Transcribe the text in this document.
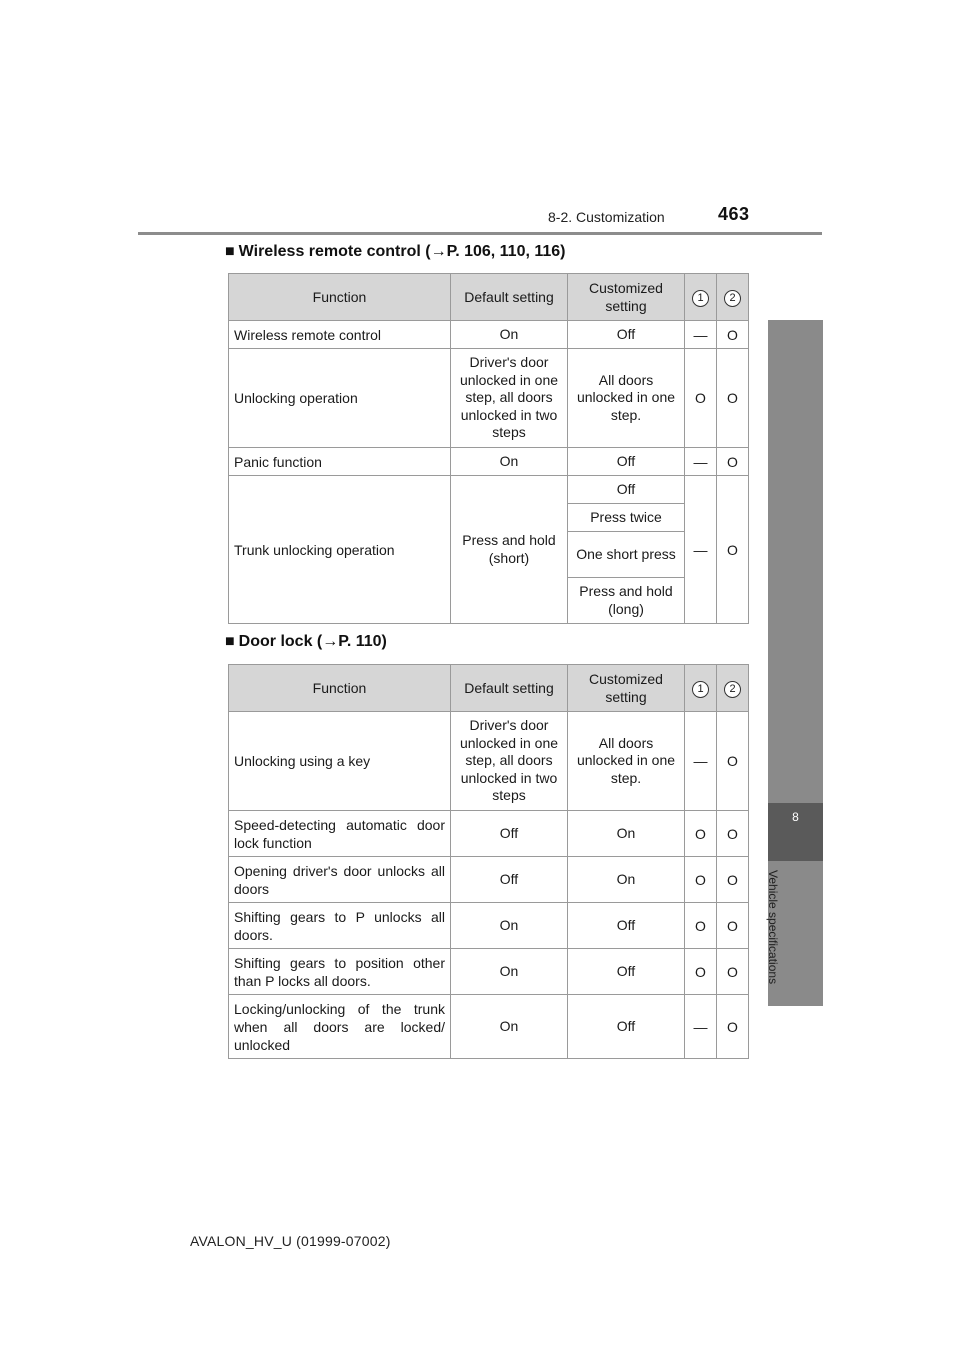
8-2. Customization	463
8
Vehicle specifications
■ Wireless remote control (→P. 106, 110, 116)
Function	Default setting	Customized setting	1	2
Wireless remote control	On	Off	—	O
Unlocking operation	Driver's door unlocked in one step, all doors unlocked in two steps	All doors unlocked in one step.	O	O
Panic function	On	Off	—	O
Trunk unlocking operation	Press and hold (short)	Off	—	O
		Press twice		
		One short press		
		Press and hold (long)		
■ Door lock (→P. 110)
Function	Default setting	Customized setting	1	2
Unlocking using a key	Driver's door unlocked in one step, all doors unlocked in two steps	All doors unlocked in one step.	—	O
Speed-detecting automatic door lock function	Off	On	O	O
Opening driver's door unlocks all doors	Off	On	O	O
Shifting gears to P unlocks all doors.	On	Off	O	O
Shifting gears to position other than P locks all doors.	On	Off	O	O
Locking/unlocking of the trunk when all doors are locked/ unlocked	On	Off	—	O
AVALON_HV_U (01999-07002)
